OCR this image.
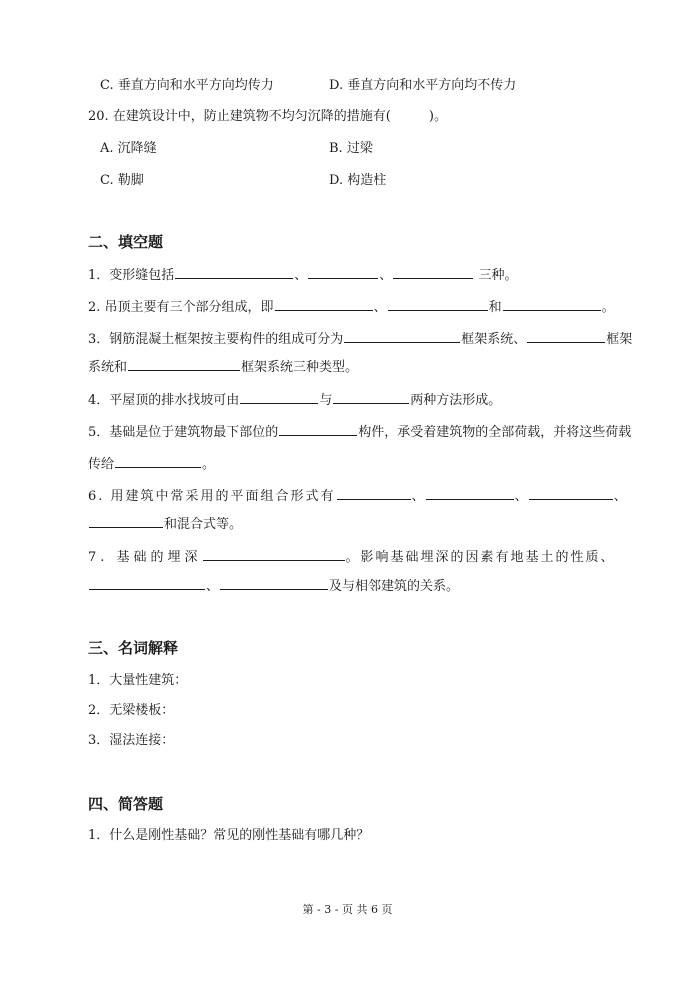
C. 垂直方向和水平方向均传力	D. 垂直方向和水平方向均不传力
20. 在建筑设计中，防止建筑物不均匀沉降的措施有(	)。
A. 沉降缝	B. 过梁
C. 勒脚	D. 构造柱
二、填空题
1．变形缝包括	、	、	三种。
2. 吊顶主要有三个部分组成，即	、	和	。
3．钢筋混凝土框架按主要构件的组成可分为	框架系统、	框架
系统和	框架系统三种类型。
4．平屋顶的排水找坡可由	与	两种方法形成。
5．基础是位于建筑物最下部位的	构件，承受着建筑物的全部荷载，并将这些荷载
传给	。
6. 用建筑中常采用的平面组合形式有	、	、	、
和混合式等。
7. 基础的埋深	。影响基础埋深的因素有地基土的性质、
、	及与相邻建筑的关系。
三、名词解释
1．大量性建筑：
2．无梁楼板：
3．湿法连接：
四、简答题
1．什么是刚性基础？常见的刚性基础有哪几种？
第 - 3 - 页 共 6 页
